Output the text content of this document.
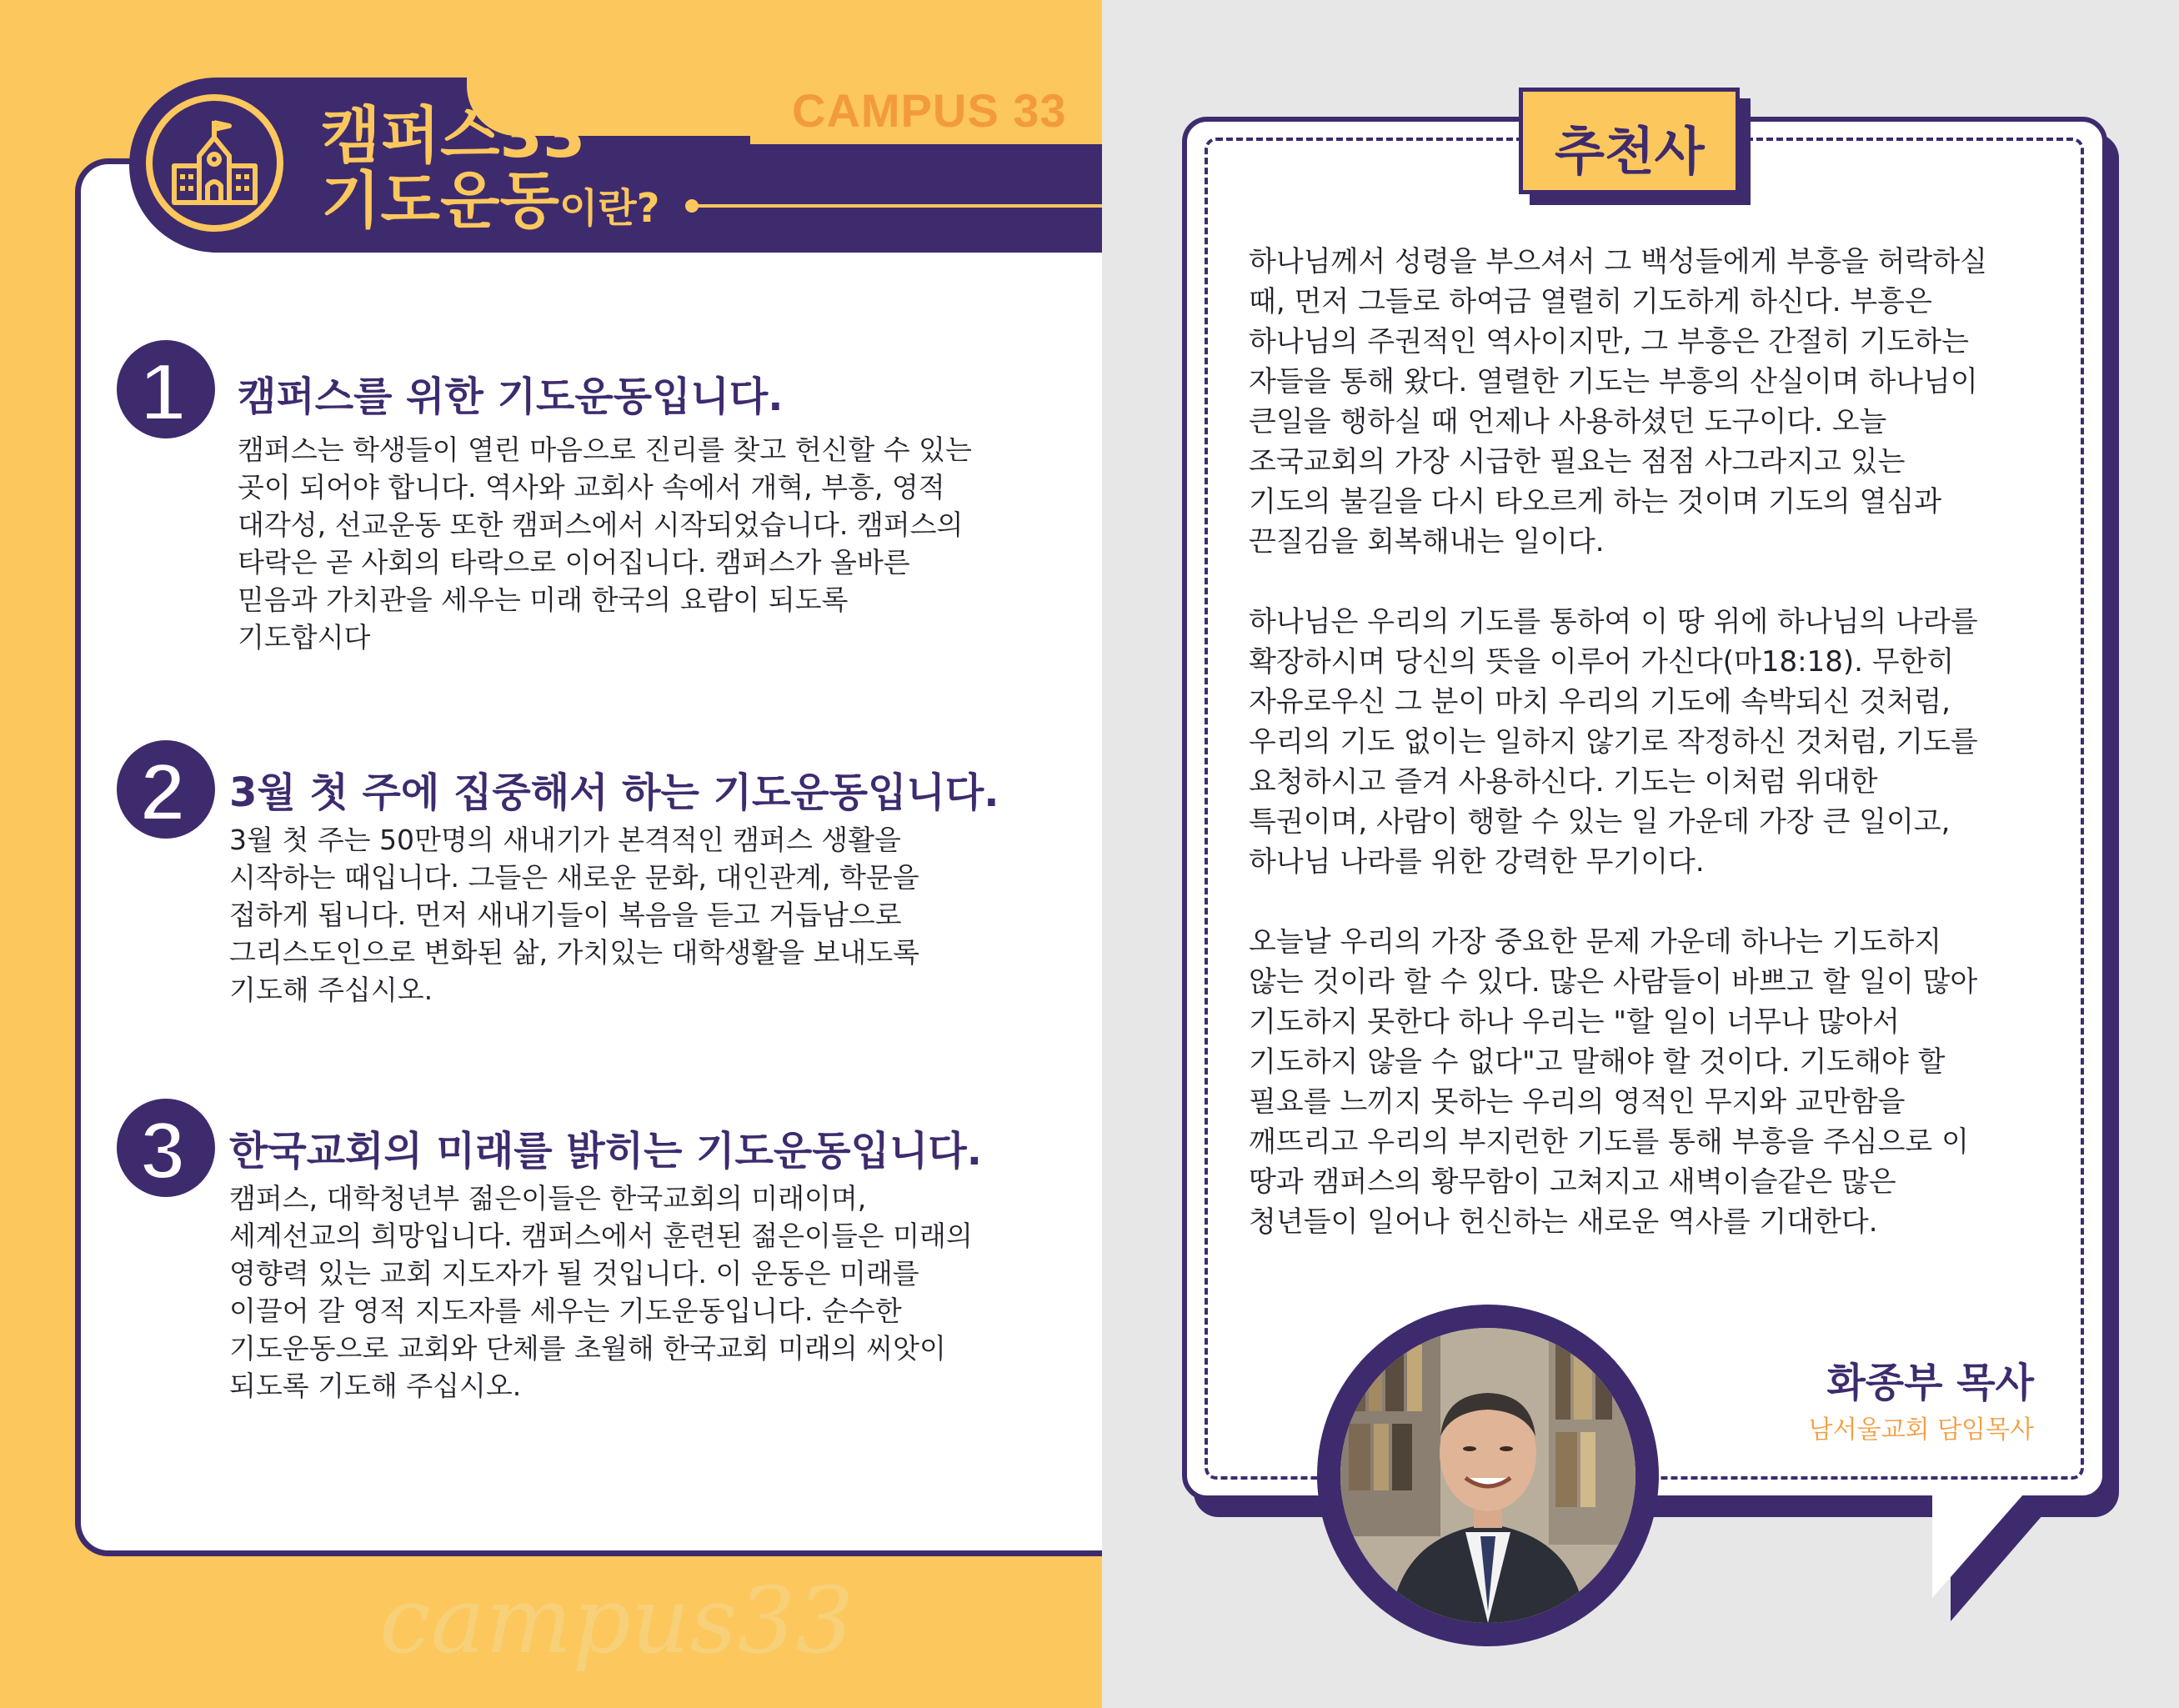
CAMPUS 33
캠퍼스33
기도운동이란?
1 캠퍼스를 위한 기도운동입니다.
캠퍼스는 학생들이 열린 마음으로 진리를 찾고 헌신할 수 있는
곳이 되어야 합니다. 역사와 교회사 속에서 개혁, 부흥, 영적
대각성, 선교운동 또한 캠퍼스에서 시작되었습니다. 캠퍼스의
타락은 곧 사회의 타락으로 이어집니다. 캠퍼스가 올바른
믿음과 가치관을 세우는 미래 한국의 요람이 되도록
기도합시다
2 3월 첫 주에 집중해서 하는 기도운동입니다.
3월 첫 주는 50만명의 새내기가 본격적인 캠퍼스 생활을
시작하는 때입니다. 그들은 새로운 문화, 대인관계, 학문을
접하게 됩니다. 먼저 새내기들이 복음을 듣고 거듭남으로
그리스도인으로 변화된 삶, 가치있는 대학생활을 보내도록
기도해 주십시오.
3 한국교회의 미래를 밝히는 기도운동입니다.
캠퍼스, 대학청년부 젊은이들은 한국교회의 미래이며,
세계선교의 희망입니다. 캠퍼스에서 훈련된 젊은이들은 미래의
영향력 있는 교회 지도자가 될 것입니다. 이 운동은 미래를
이끌어 갈 영적 지도자를 세우는 기도운동입니다. 순수한
기도운동으로 교회와 단체를 초월해 한국교회 미래의 씨앗이
되도록 기도해 주십시오.
campus33
추천사
하나님께서 성령을 부으셔서 그 백성들에게 부흥을 허락하실
때, 먼저 그들로 하여금 열렬히 기도하게 하신다. 부흥은
하나님의 주권적인 역사이지만, 그 부흥은 간절히 기도하는
자들을 통해 왔다. 열렬한 기도는 부흥의 산실이며 하나님이
큰일을 행하실 때 언제나 사용하셨던 도구이다. 오늘
조국교회의 가장 시급한 필요는 점점 사그라지고 있는
기도의 불길을 다시 타오르게 하는 것이며 기도의 열심과
끈질김을 회복해내는 일이다.

하나님은 우리의 기도를 통하여 이 땅 위에 하나님의 나라를
확장하시며 당신의 뜻을 이루어 가신다(마18:18). 무한히
자유로우신 그 분이 마치 우리의 기도에 속박되신 것처럼,
우리의 기도 없이는 일하지 않기로 작정하신 것처럼, 기도를
요청하시고 즐겨 사용하신다. 기도는 이처럼 위대한
특권이며, 사람이 행할 수 있는 일 가운데 가장 큰 일이고,
하나님 나라를 위한 강력한 무기이다.

오늘날 우리의 가장 중요한 문제 가운데 하나는 기도하지
않는 것이라 할 수 있다. 많은 사람들이 바쁘고 할 일이 많아
기도하지 못한다 하나 우리는 "할 일이 너무나 많아서
기도하지 않을 수 없다"고 말해야 할 것이다. 기도해야 할
필요를 느끼지 못하는 우리의 영적인 무지와 교만함을
깨뜨리고 우리의 부지런한 기도를 통해 부흥을 주심으로 이
땅과 캠퍼스의 황무함이 고쳐지고 새벽이슬같은 많은
청년들이 일어나 헌신하는 새로운 역사를 기대한다.
화종부 목사
남서울교회 담임목사
